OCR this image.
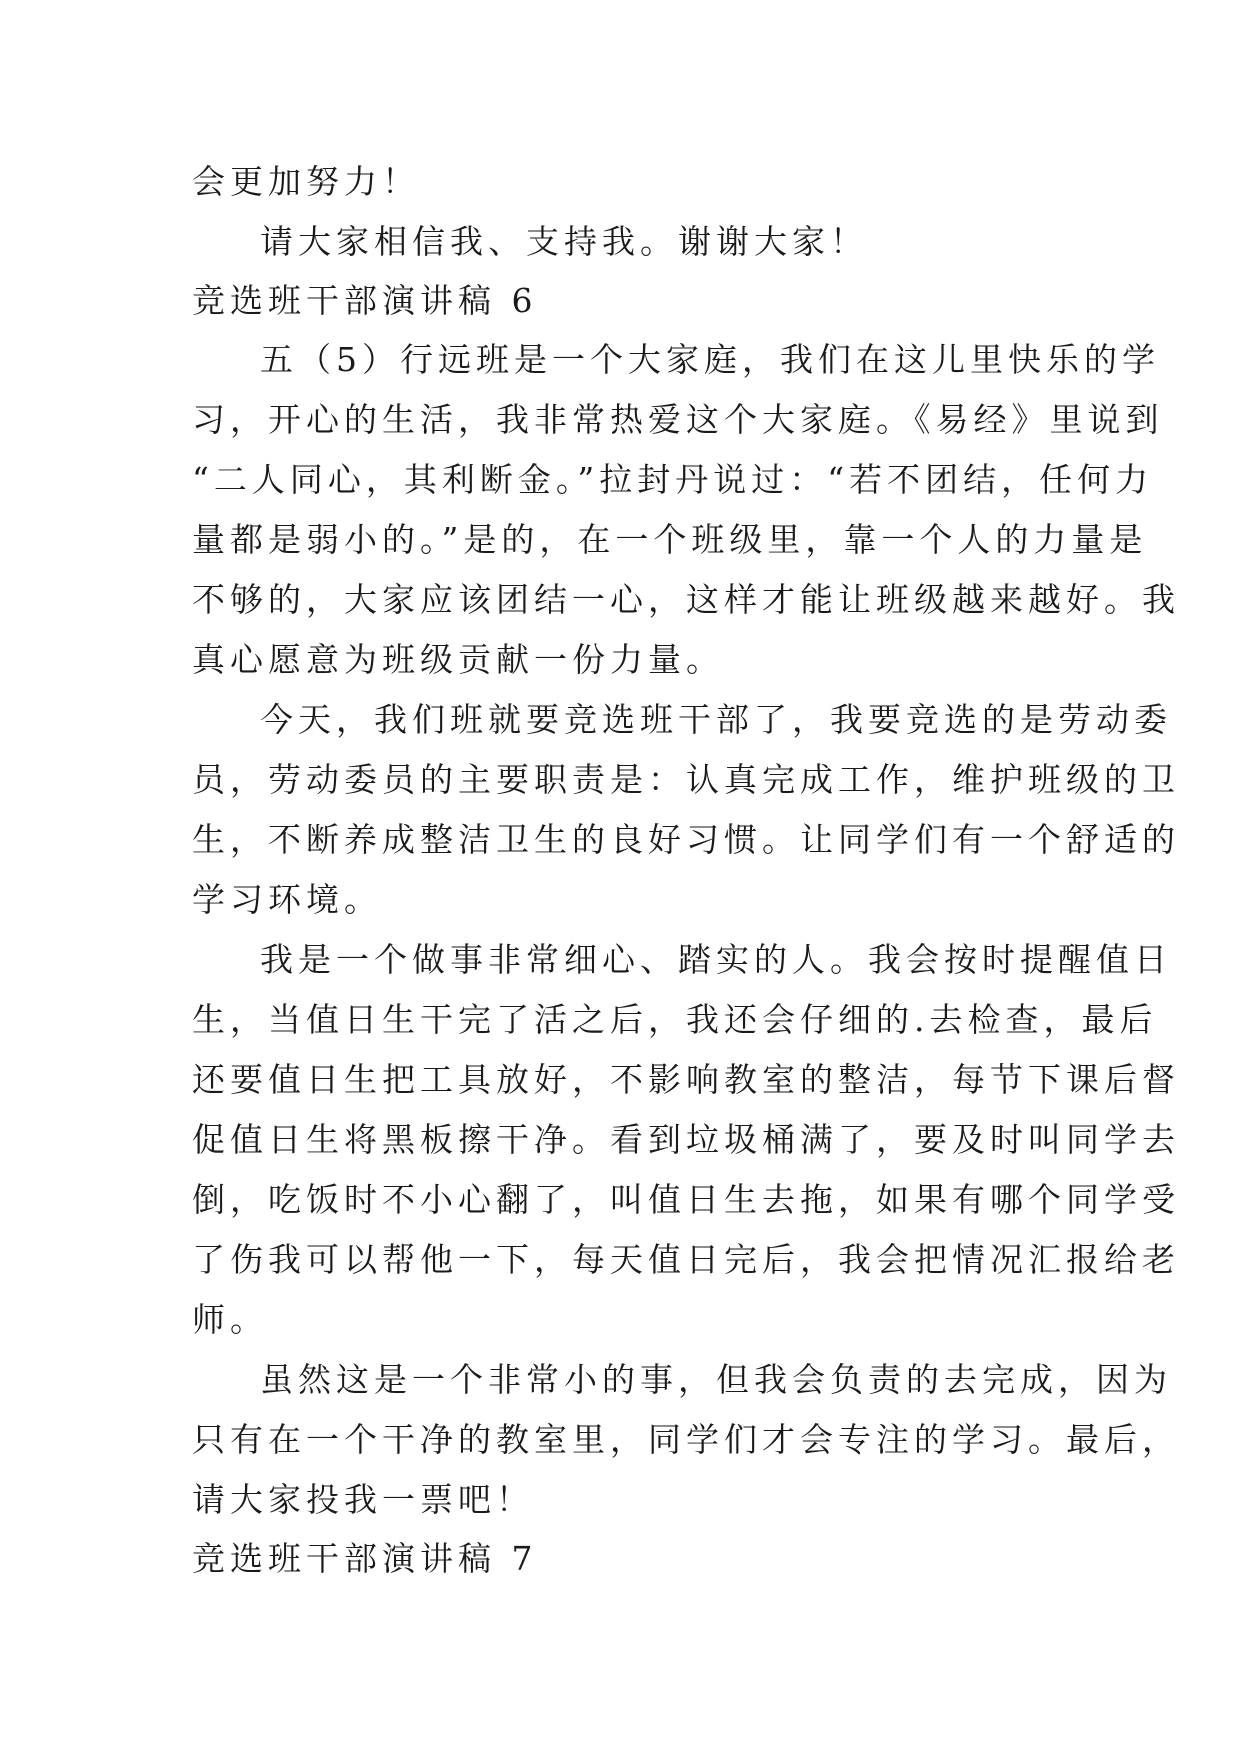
会更加努力！
请大家相信我、支持我。谢谢大家！
竞选班干部演讲稿 6
五（5）行远班是一个大家庭，我们在这儿里快乐的学
习，开心的生活，我非常热爱这个大家庭。《易经》里说到
“二人同心，其利断金。”拉封丹说过：“若不团结，任何力
量都是弱小的。”是的，在一个班级里，靠一个人的力量是
不够的，大家应该团结一心，这样才能让班级越来越好。我
真心愿意为班级贡献一份力量。
今天，我们班就要竞选班干部了，我要竞选的是劳动委
员，劳动委员的主要职责是：认真完成工作，维护班级的卫
生，不断养成整洁卫生的良好习惯。让同学们有一个舒适的
学习环境。
我是一个做事非常细心、踏实的人。我会按时提醒值日
生，当值日生干完了活之后，我还会仔细的.去检查，最后
还要值日生把工具放好，不影响教室的整洁，每节下课后督
促值日生将黑板擦干净。看到垃圾桶满了，要及时叫同学去
倒，吃饭时不小心翻了，叫值日生去拖，如果有哪个同学受
了伤我可以帮他一下，每天值日完后，我会把情况汇报给老
师。
虽然这是一个非常小的事，但我会负责的去完成，因为
只有在一个干净的教室里，同学们才会专注的学习。最后，
请大家投我一票吧！
竞选班干部演讲稿 7
